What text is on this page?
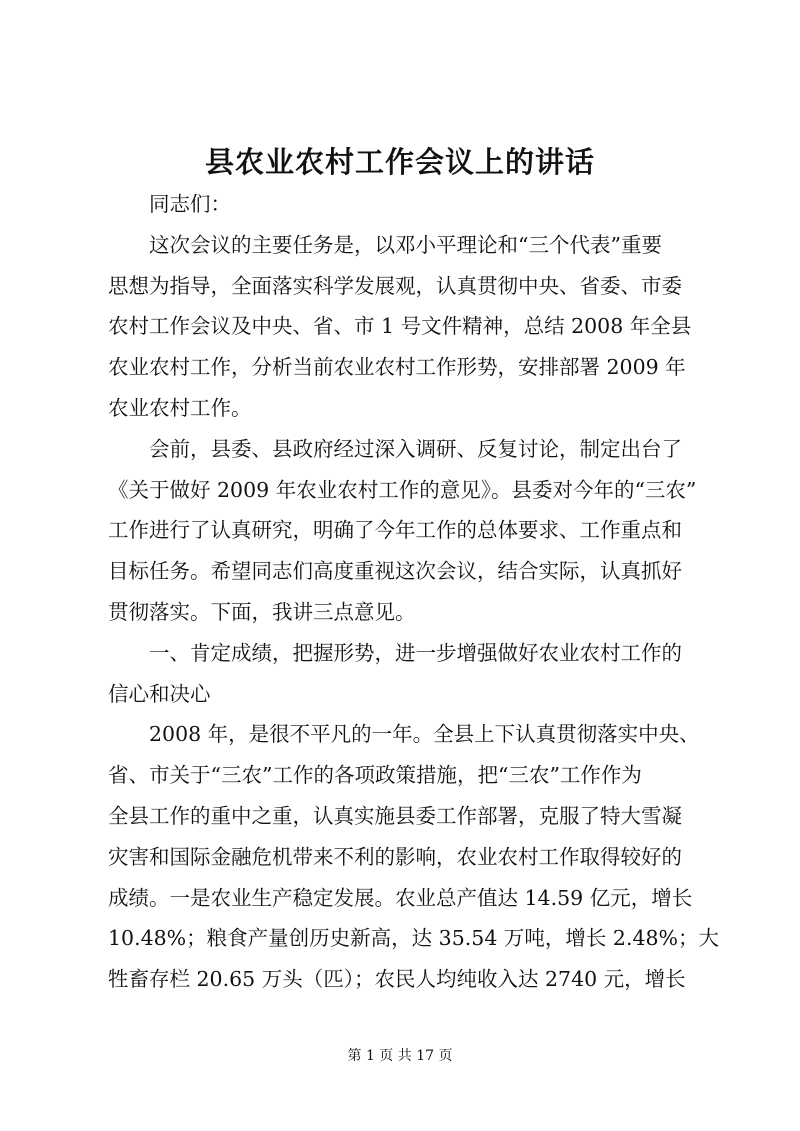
县农业农村工作会议上的讲话
同志们：
这次会议的主要任务是，以邓小平理论和“三个代表”重要
思想为指导，全面落实科学发展观，认真贯彻中央、省委、市委
农村工作会议及中央、省、市 1 号文件精神，总结 2008 年全县
农业农村工作，分析当前农业农村工作形势，安排部署 2009 年
农业农村工作。
会前，县委、县政府经过深入调研、反复讨论，制定出台了
《关于做好 2009 年农业农村工作的意见》。县委对今年的“三农”
工作进行了认真研究，明确了今年工作的总体要求、工作重点和
目标任务。希望同志们高度重视这次会议，结合实际，认真抓好
贯彻落实。下面，我讲三点意见。
一、肯定成绩，把握形势，进一步增强做好农业农村工作的
信心和决心
2008 年，是很不平凡的一年。全县上下认真贯彻落实中央、
省、市关于“三农”工作的各项政策措施，把“三农”工作作为
全县工作的重中之重，认真实施县委工作部署，克服了特大雪凝
灾害和国际金融危机带来不利的影响，农业农村工作取得较好的
成绩。一是农业生产稳定发展。农业总产值达 14.59 亿元，增长
10.48%；粮食产量创历史新高，达 35.54 万吨，增长 2.48%；大
牲畜存栏 20.65 万头（匹）；农民人均纯收入达 2740 元，增长
第 1 页 共 17 页
